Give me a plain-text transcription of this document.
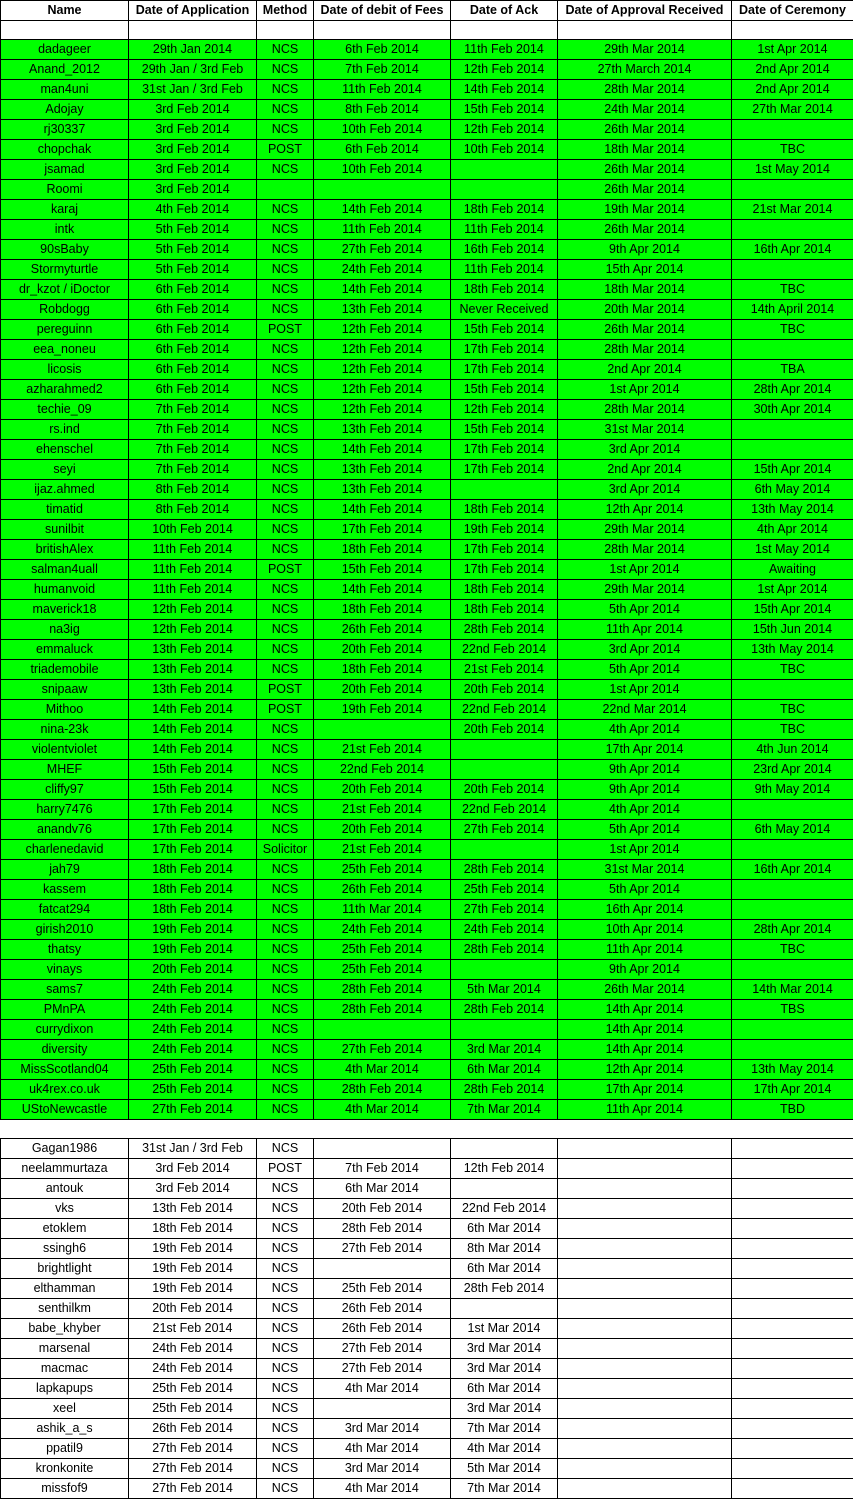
Name	Date of Application	Method	Date of debit of Fees	Date of Ack	Date of Approval Received	Date of Ceremony

dadageer	29th Jan 2014	NCS	6th Feb 2014	11th Feb 2014	29th Mar 2014	1st Apr 2014
Anand_2012	29th Jan / 3rd Feb	NCS	7th Feb 2014	12th Feb 2014	27th March 2014	2nd Apr 2014
man4uni	31st Jan / 3rd Feb	NCS	11th Feb 2014	14th Feb 2014	28th Mar 2014	2nd Apr 2014
Adojay	3rd Feb 2014	NCS	8th Feb 2014	15th Feb 2014	24th Mar 2014	27th Mar 2014
rj30337	3rd Feb 2014	NCS	10th Feb 2014	12th Feb 2014	26th Mar 2014	
chopchak	3rd Feb 2014	POST	6th Feb 2014	10th Feb 2014	18th Mar 2014	TBC
jsamad	3rd Feb 2014	NCS	10th Feb 2014		26th Mar 2014	1st May 2014
Roomi	3rd Feb 2014				26th Mar 2014	
karaj	4th Feb 2014	NCS	14th Feb 2014	18th Feb 2014	19th Mar 2014	21st Mar 2014
intk	5th Feb 2014	NCS	11th Feb 2014	11th Feb 2014	26th Mar 2014	
90sBaby	5th Feb 2014	NCS	27th Feb 2014	16th Feb 2014	9th Apr 2014	16th Apr 2014
Stormyturtle	5th Feb 2014	NCS	24th Feb 2014	11th Feb 2014	15th Apr 2014	
dr_kzot / iDoctor	6th Feb 2014	NCS	14th Feb 2014	18th Feb 2014	18th Mar 2014	TBC
Robdogg	6th Feb 2014	NCS	13th Feb 2014	Never Received	20th Mar 2014	14th April 2014
pereguinn	6th Feb 2014	POST	12th Feb 2014	15th Feb 2014	26th Mar 2014	TBC
eea_noneu	6th Feb 2014	NCS	12th Feb 2014	17th Feb 2014	28th Mar 2014	
licosis	6th Feb 2014	NCS	12th Feb 2014	17th Feb 2014	2nd Apr 2014	TBA
azharahmed2	6th Feb 2014	NCS	12th Feb 2014	15th Feb 2014	1st Apr 2014	28th Apr 2014
techie_09	7th Feb 2014	NCS	12th Feb 2014	12th Feb 2014	28th Mar 2014	30th Apr 2014
rs.ind	7th Feb 2014	NCS	13th Feb 2014	15th Feb 2014	31st Mar 2014	
ehenschel	7th Feb 2014	NCS	14th Feb 2014	17th Feb 2014	3rd Apr 2014	
seyi	7th Feb 2014	NCS	13th Feb 2014	17th Feb 2014	2nd Apr 2014	15th Apr 2014
ijaz.ahmed	8th Feb 2014	NCS	13th Feb 2014		3rd Apr 2014	6th May 2014
timatid	8th Feb 2014	NCS	14th Feb 2014	18th Feb 2014	12th Apr 2014	13th May 2014
sunilbit	10th Feb 2014	NCS	17th Feb 2014	19th Feb 2014	29th Mar 2014	4th Apr 2014
britishAlex	11th Feb 2014	NCS	18th Feb 2014	17th Feb 2014	28th Mar 2014	1st May 2014
salman4uall	11th Feb 2014	POST	15th Feb 2014	17th Feb 2014	1st Apr 2014	Awaiting
humanvoid	11th Feb 2014	NCS	14th Feb 2014	18th Feb 2014	29th Mar 2014	1st Apr 2014
maverick18	12th Feb 2014	NCS	18th Feb 2014	18th Feb 2014	5th Apr 2014	15th Apr 2014
na3ig	12th Feb 2014	NCS	26th Feb 2014	28th Feb 2014	11th Apr 2014	15th Jun 2014
emmaluck	13th Feb 2014	NCS	20th Feb 2014	22nd Feb 2014	3rd Apr 2014	13th May 2014
triademobile	13th Feb 2014	NCS	18th Feb 2014	21st Feb 2014	5th Apr 2014	TBC
snipaaw	13th Feb 2014	POST	20th Feb 2014	20th Feb 2014	1st Apr 2014	
Mithoo	14th Feb 2014	POST	19th Feb 2014	22nd Feb 2014	22nd Mar 2014	TBC
nina-23k	14th Feb 2014	NCS		20th Feb 2014	4th Apr 2014	TBC
violentviolet	14th Feb 2014	NCS	21st Feb 2014		17th Apr 2014	4th Jun 2014
MHEF	15th Feb 2014	NCS	22nd Feb 2014		9th Apr 2014	23rd Apr 2014
cliffy97	15th Feb 2014	NCS	20th Feb 2014	20th Feb 2014	9th Apr 2014	9th May 2014
harry7476	17th Feb 2014	NCS	21st Feb 2014	22nd Feb 2014	4th Apr 2014	
anandv76	17th Feb 2014	NCS	20th Feb 2014	27th Feb 2014	5th Apr 2014	6th May 2014
charlenedavid	17th Feb 2014	Solicitor	21st Feb 2014		1st Apr 2014	
jah79	18th Feb 2014	NCS	25th Feb 2014	28th Feb 2014	31st Mar 2014	16th Apr 2014
kassem	18th Feb 2014	NCS	26th Feb 2014	25th Feb 2014	5th Apr 2014	
fatcat294	18th Feb 2014	NCS	11th Mar 2014	27th Feb 2014	16th Apr 2014	
girish2010	19th Feb 2014	NCS	24th Feb 2014	24th Feb 2014	10th Apr 2014	28th Apr 2014
thatsy	19th Feb 2014	NCS	25th Feb 2014	28th Feb 2014	11th Apr 2014	TBC
vinays	20th Feb 2014	NCS	25th Feb 2014		9th Apr 2014	
sams7	24th Feb 2014	NCS	28th Feb 2014	5th Mar 2014	26th Mar 2014	14th Mar 2014
PMnPA	24th Feb 2014	NCS	28th Feb 2014	28th Feb 2014	14th Apr 2014	TBS
currydixon	24th Feb 2014	NCS			14th Apr 2014	
diversity	24th Feb 2014	NCS	27th Feb 2014	3rd Mar 2014	14th Apr 2014	
MissScotland04	25th Feb 2014	NCS	4th Mar 2014	6th Mar 2014	12th Apr 2014	13th May 2014
uk4rex.co.uk	25th Feb 2014	NCS	28th Feb 2014	28th Feb 2014	17th Apr 2014	17th Apr 2014
UStoNewcastle	27th Feb 2014	NCS	4th Mar 2014	7th Mar 2014	11th Apr 2014	TBD

Gagan1986	31st Jan / 3rd Feb	NCS				
neelammurtaza	3rd Feb 2014	POST	7th Feb 2014	12th Feb 2014		
antouk	3rd Feb 2014	NCS	6th Mar 2014			
vks	13th Feb 2014	NCS	20th Feb 2014	22nd Feb 2014		
etoklem	18th Feb 2014	NCS	28th Feb 2014	6th Mar 2014		
ssingh6	19th Feb 2014	NCS	27th Feb 2014	8th Mar 2014		
brightlight	19th Feb 2014	NCS		6th Mar 2014		
elthamman	19th Feb 2014	NCS	25th Feb 2014	28th Feb 2014		
senthilkm	20th Feb 2014	NCS	26th Feb 2014			
babe_khyber	21st Feb 2014	NCS	26th Feb 2014	1st Mar 2014		
marsenal	24th Feb 2014	NCS	27th Feb 2014	3rd Mar 2014		
macmac	24th Feb 2014	NCS	27th Feb 2014	3rd Mar 2014		
lapkapups	25th Feb 2014	NCS	4th Mar 2014	6th Mar 2014		
xeel	25th Feb 2014	NCS		3rd Mar 2014		
ashik_a_s	26th Feb 2014	NCS	3rd Mar 2014	7th Mar 2014		
ppatil9	27th Feb 2014	NCS	4th Mar 2014	4th Mar 2014		
kronkonite	27th Feb 2014	NCS	3rd Mar 2014	5th Mar 2014		
missfof9	27th Feb 2014	NCS	4th Mar 2014	7th Mar 2014		
